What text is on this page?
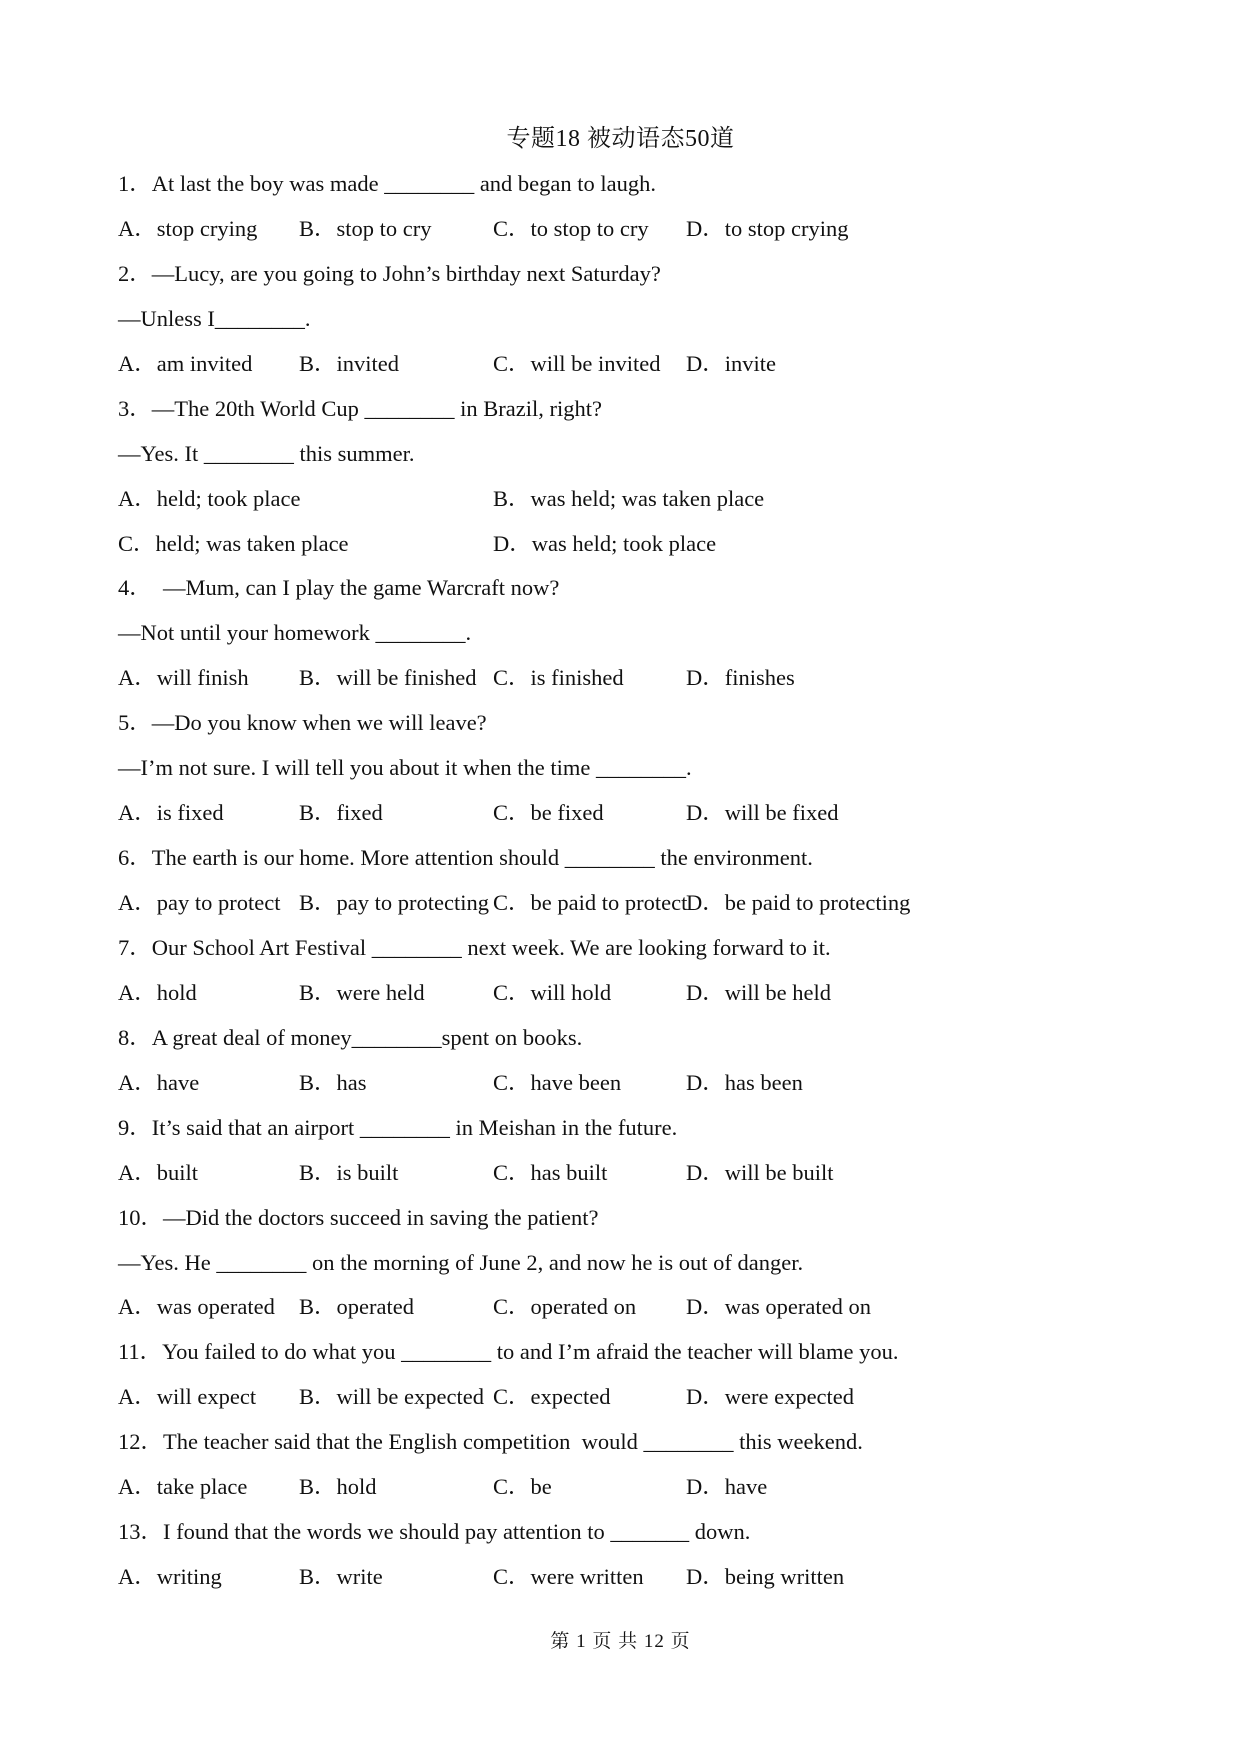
专题18 被动语态50道
1．At last the boy was made ________ and began to laugh.
A．stop crying B．stop to cry	C．to stop to cry D．to stop crying
2．—Lucy, are you going to John’s birthday next Saturday?
—Unless I________.
A．am invited B．invited	C．will be invited D．invite
3．—The 20th World Cup ________ in Brazil, right?
—Yes. It ________ this summer.
A．held; took place	B．was held; was taken place
C．held; was taken place	D．was held; took place
4．  —Mum, can I play the game Warcraft now?
—Not until your homework ________.
A．will finish B．will be finished C．is finished	D．finishes
5．—Do you know when we will leave?
—I’m not sure. I will tell you about it when the time ________.
A．is fixed	B．fixed	C．be fixed	D．will be fixed
6．The earth is our home. More attention should ________ the environment.
A．pay to protect B．pay to protecting C．be paid to protect
D．be paid to protecting
7．Our School Art Festival ________ next week. We are looking forward to it.
A．hold	B．were held	C．will hold	D．will be held
8．A great deal of money________spent on books.
A．have	B．has	C．have been	D．has been
9．It’s said that an airport ________ in Meishan in the future.
A．built	B．is built	C．has built	D．will be built
10．—Did the doctors succeed in saving the patient?
—Yes. He ________ on the morning of June 2, and now he is out of danger.
A．was operated B．operated	C．operated on D．was operated on
11．You failed to do what you ________ to and I’m afraid the teacher will blame you.
A．will expect B．will be expected C．expected	D．were expected
12．The teacher said that the English competition  would ________ this weekend.
A．take place B．hold	C．be	D．have
13．I found that the words we should pay attention to _______ down.
A．writing	B．write	C．were written D．being written
第 1 页 共 12 页
